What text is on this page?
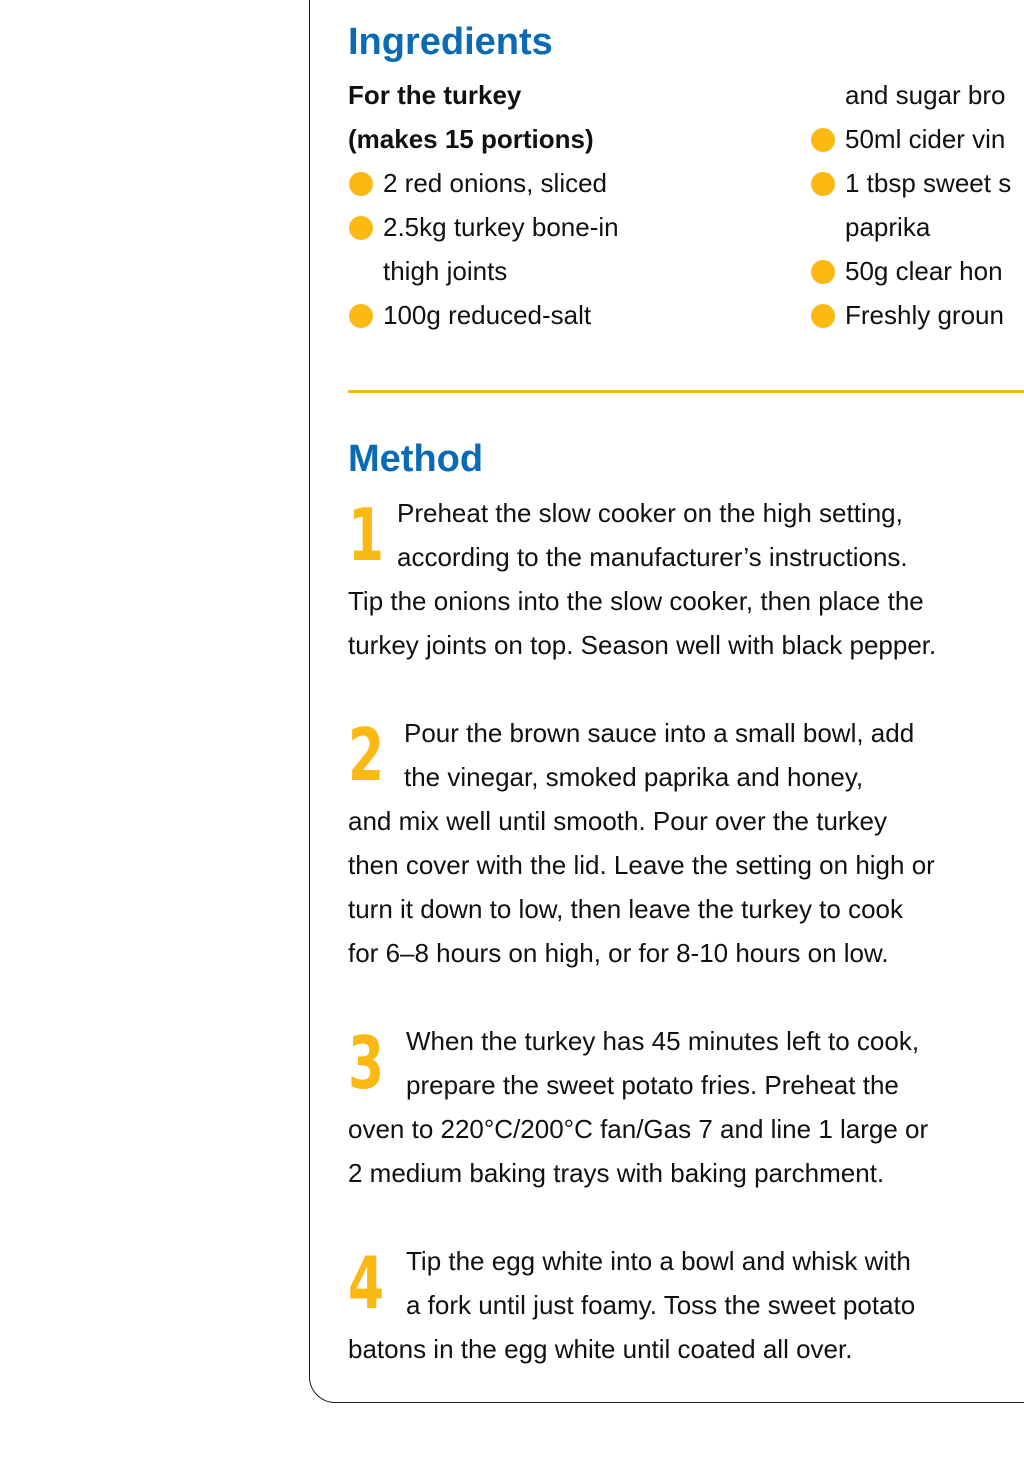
Ingredients
For the turkey
(makes 15 portions)
2 red onions, sliced
2.5kg turkey bone-in
thigh joints
100g reduced-salt
and sugar bro
50ml cider vin
1 tbsp sweet s
paprika
50g clear hon
Freshly groun
Method
1 Preheat the slow cooker on the high setting,
according to the manufacturer’s instructions.
Tip the onions into the slow cooker, then place the
turkey joints on top. Season well with black pepper.
2 Pour the brown sauce into a small bowl, add
the vinegar, smoked paprika and honey,
and mix well until smooth. Pour over the turkey
then cover with the lid. Leave the setting on high or
turn it down to low, then leave the turkey to cook
for 6–8 hours on high, or for 8-10 hours on low.
3 When the turkey has 45 minutes left to cook,
prepare the sweet potato fries. Preheat the
oven to 220°C/200°C fan/Gas 7 and line 1 large or
2 medium baking trays with baking parchment.
4 Tip the egg white into a bowl and whisk with
a fork until just foamy. Toss the sweet potato
batons in the egg white until coated all over.
